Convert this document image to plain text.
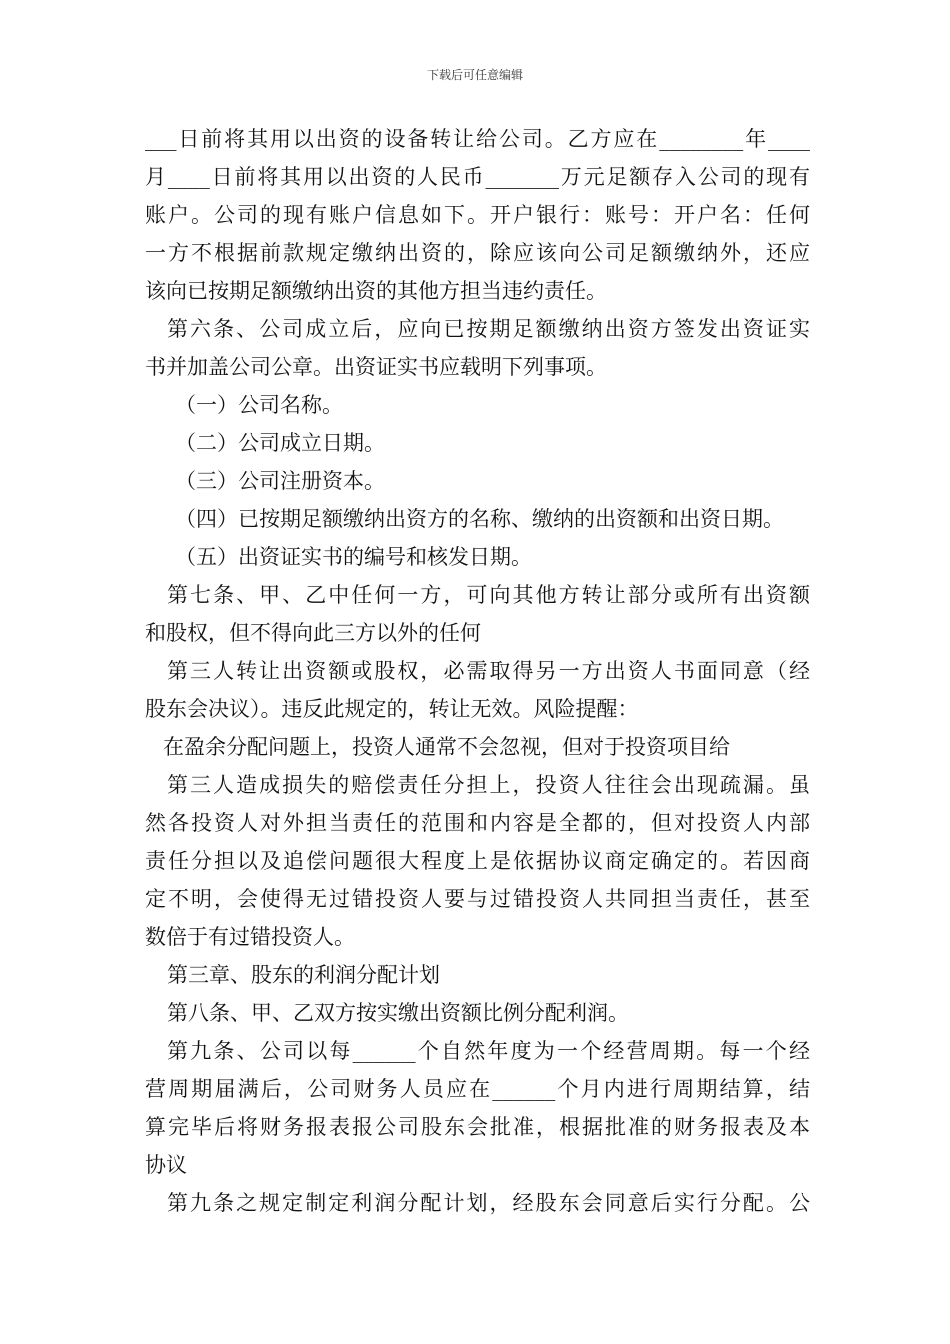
下载后可任意编辑
___日前将其用以出资的设备转让给公司。乙方应在________年____
月____日前将其用以出资的人民币_______万元足额存入公司的现有
账户。公司的现有账户信息如下。开户银行：账号：开户名：任何
一方不根据前款规定缴纳出资的，除应该向公司足额缴纳外，还应
该向已按期足额缴纳出资的其他方担当违约责任。
第六条、公司成立后，应向已按期足额缴纳出资方签发出资证实
书并加盖公司公章。出资证实书应载明下列事项。
（一）公司名称。
（二）公司成立日期。
（三）公司注册资本。
（四）已按期足额缴纳出资方的名称、缴纳的出资额和出资日期。
（五）出资证实书的编号和核发日期。
第七条、甲、乙中任何一方，可向其他方转让部分或所有出资额
和股权，但不得向此三方以外的任何
第三人转让出资额或股权，必需取得另一方出资人书面同意（经
股东会决议）。违反此规定的，转让无效。风险提醒：
在盈余分配问题上，投资人通常不会忽视，但对于投资项目给
第三人造成损失的赔偿责任分担上，投资人往往会出现疏漏。虽
然各投资人对外担当责任的范围和内容是全都的，但对投资人内部
责任分担以及追偿问题很大程度上是依据协议商定确定的。若因商
定不明，会使得无过错投资人要与过错投资人共同担当责任，甚至
数倍于有过错投资人。
第三章、股东的利润分配计划
第八条、甲、乙双方按实缴出资额比例分配利润。
第九条、公司以每______个自然年度为一个经营周期。每一个经
营周期届满后，公司财务人员应在______个月内进行周期结算，结
算完毕后将财务报表报公司股东会批准，根据批准的财务报表及本
协议
第九条之规定制定利润分配计划，经股东会同意后实行分配。公
